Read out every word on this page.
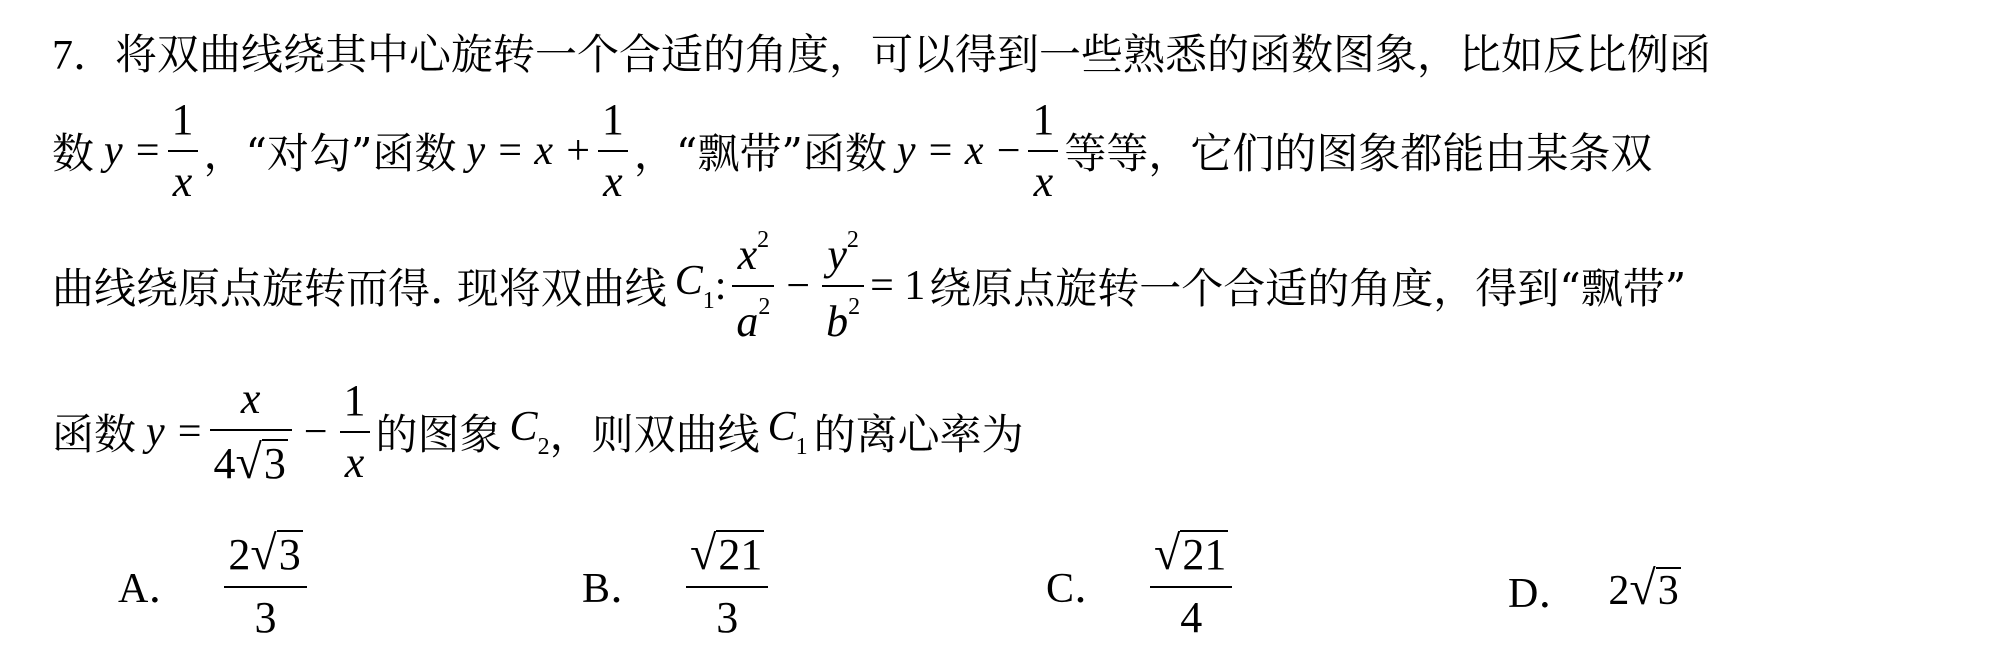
7． 将双曲线绕其中心旋转一个合适的角度，可以得到一些熟悉的函数图象，比如反比例函
数 $y = \frac{1}{x}$ ，“对勾”函数 $y = x + \frac{1}{x}$ ，“飘带”函数 $y = x - \frac{1}{x}$ 等等，它们的图象都能由某条双
曲线绕原点旋转而得. 现将双曲线 $C_1$ : $\frac{x^2}{a^2} - \frac{y^2}{b^2} = 1$ 绕原点旋转一个合适的角度，得到“飘带”
函数 $y = \frac{x}{4 √ 3} - \frac{1}{x}$ 的图象 $C_2$ ，则双曲线 $C_1$ 的离心率为
A． $\frac{2 √ 3}{3}$	B． $\frac{√ 21}{3}$	C． $\frac{√ 21}{4}$	D． 2 √ 3
